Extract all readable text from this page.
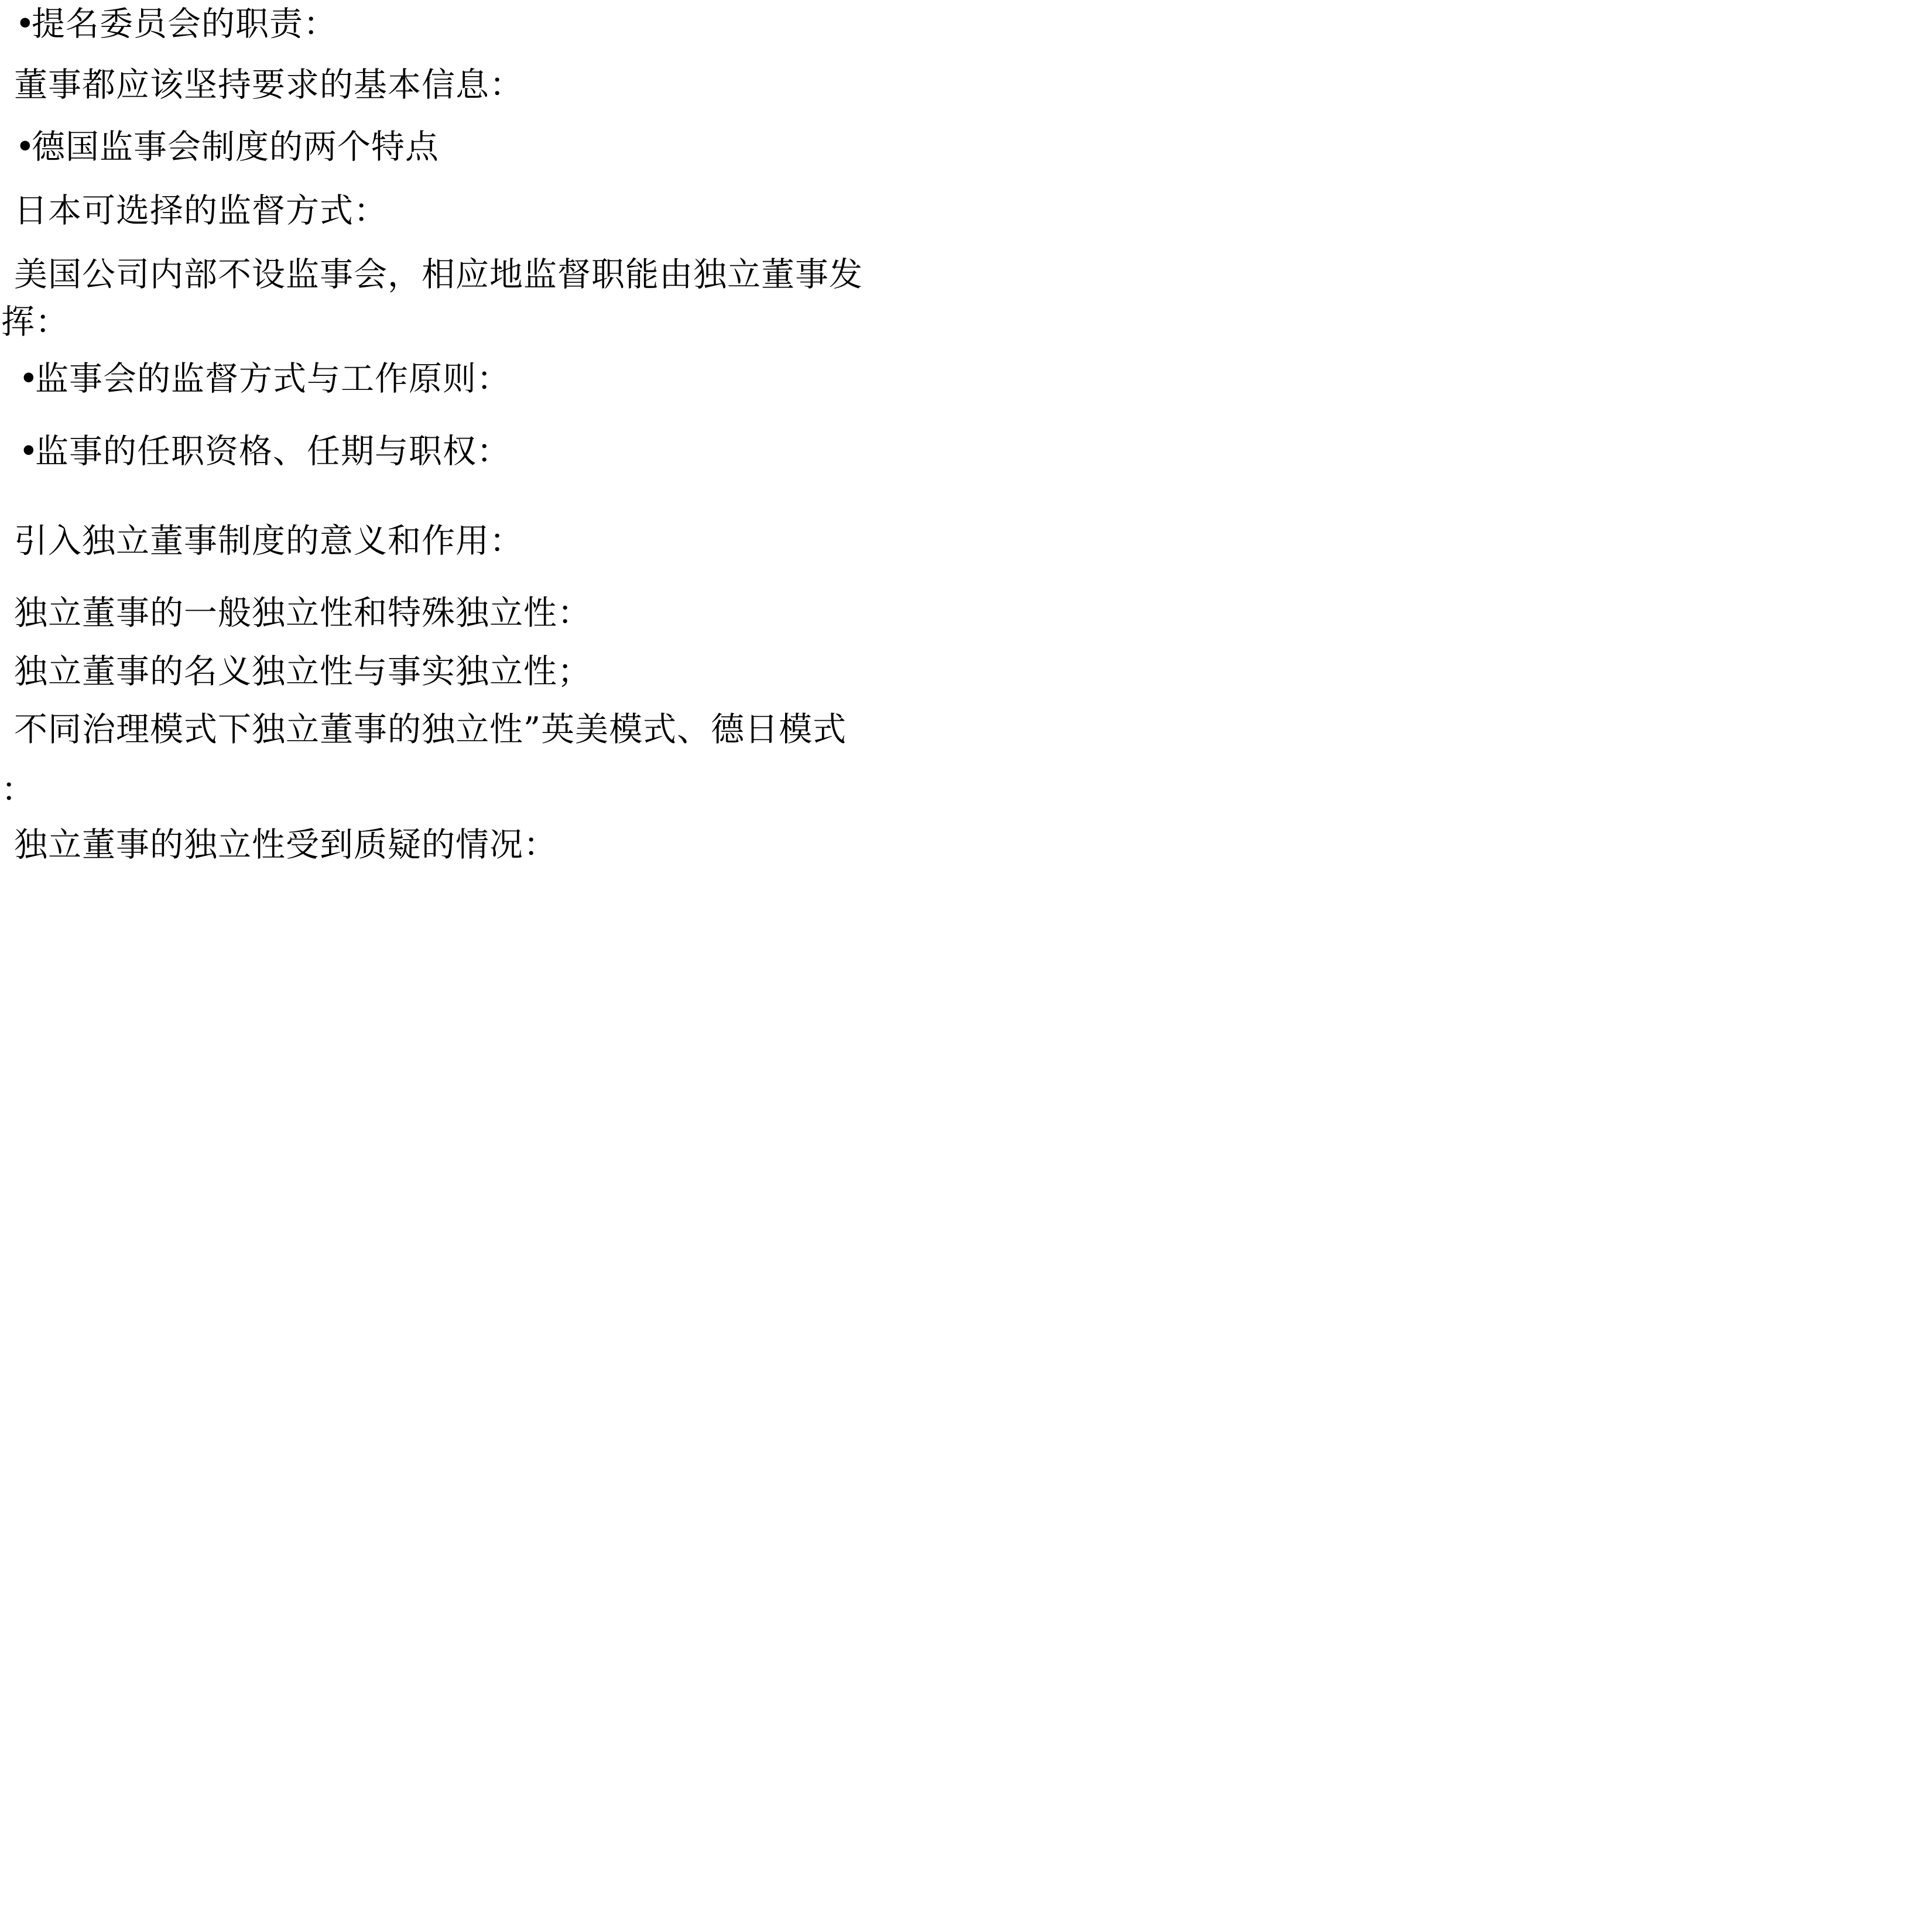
•提名委员会的职责：

董事都应该坚持要求的基本信息：

•德国监事会制度的两个特点

日本可选择的监督方式：

美国公司内部不设监事会，相应地监督职能由独立董事发

挥：

•监事会的监督方式与工作原则：

•监事的任职资格、任期与职权：

引入独立董事制度的意义和作用：

独立董事的一般独立性和特殊独立性：

独立董事的名义独立性与事实独立性；

不同治理模式下独立董事的独立性”英美模式、德日模式

：

独立董事的独立性受到质疑的情况：
